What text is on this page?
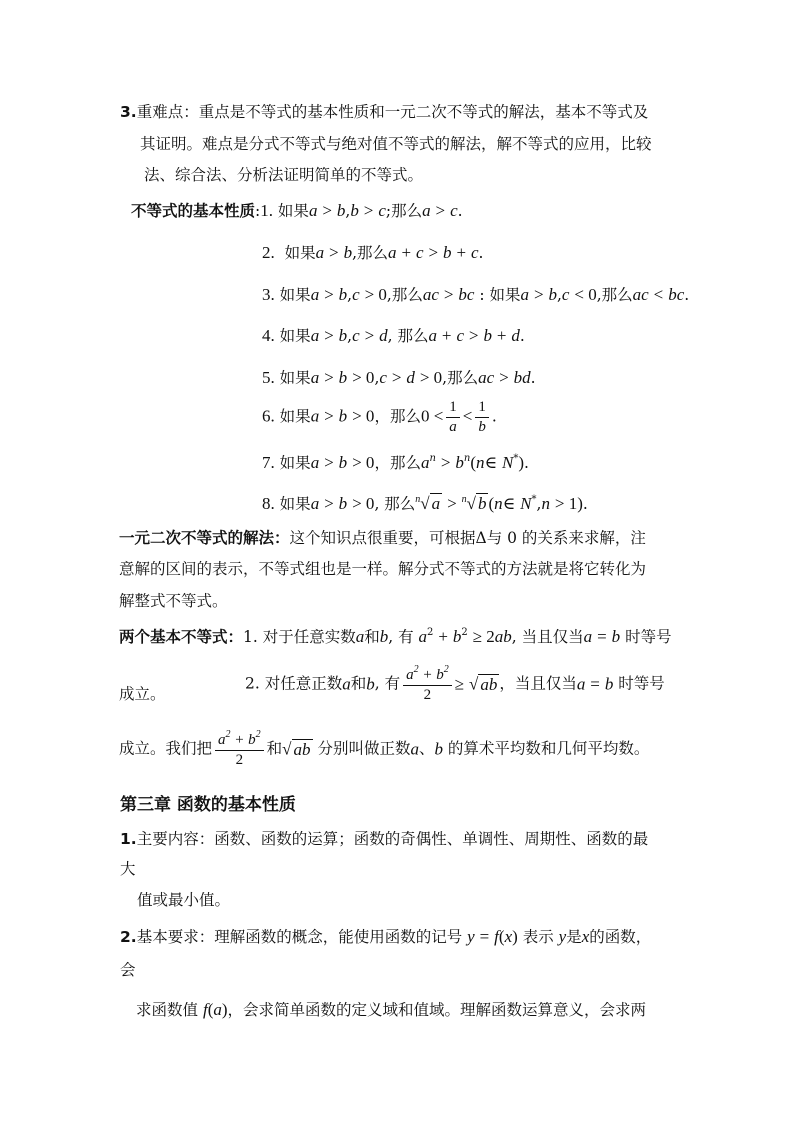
3.重难点：重点是不等式的基本性质和一元二次不等式的解法，基本不等式及
其证明。难点是分式不等式与绝对值不等式的解法，解不等式的应用，比较
法、综合法、分析法证明简单的不等式。
不等式的基本性质:1. 如果a > b,b > c;那么a > c.
2.  如果a > b,那么a + c > b + c.
3. 如果a > b,c > 0,那么ac > bc : 如果a > b,c < 0,那么ac < bc.
4. 如果a > b,c > d, 那么a + c > b + d.
5. 如果a > b > 0,c > d > 0,那么ac > bd.
6. 如果a > b > 0，那么$0 < \frac{1}{a} < \frac{1}{b}$ .
7. 如果a > b > 0，那么$a^n$ > $b^n(n\in$ N*).
8. 如果a > b > 0, 那么$^n$√ a > $^n$√ b (n∈ N*,n > 1).
一元二次不等式的解法：这个知识点很重要，可根据Δ与 0 的关系来求解，注
意解的区间的表示，不等式组也是一样。解分式不等式的方法就是将它转化为
解整式不等式。
两个基本不等式：1. 对于任意实数a和b, 有 $a^2 + b^2 \ge 2ab$, 当且仅当a = b 时等号
成立。
2. 对任意正数a和b, 有 $\frac{a^2 + b^2}{2}$ ≥ √ ab ，当且仅当a = b 时等号
成立。我们把 $\frac{a^2 + b^2}{2}$ 和√ ab 分别叫做正数a、b 的算术平均数和几何平均数。
第三章 函数的基本性质
1.主要内容：函数、函数的运算；函数的奇偶性、单调性、周期性、函数的最
大
值或最小值。
2.基本要求：理解函数的概念，能使用函数的记号 y = f(x) 表示 y是x的函数，
会
求函数值 f(a)，会求简单函数的定义域和值域。理解函数运算意义，会求两
